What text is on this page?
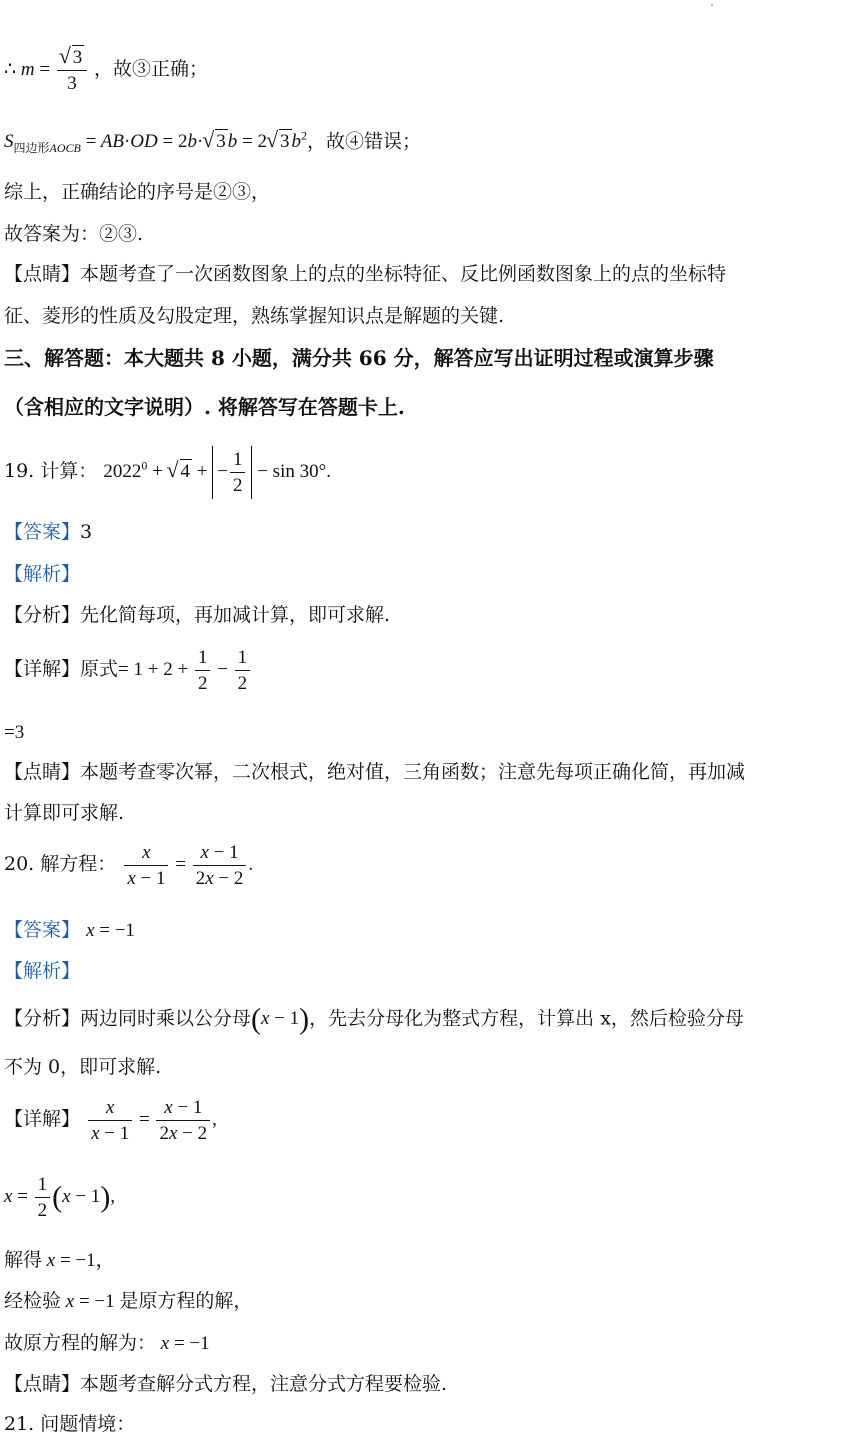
∴ m =
√ $\frac{3}{3}$ ，故③正确；
$S_{四边形AOCB} = AB\cdot OD = 2b\cdot√$ 3 b = 2√ 3 $b^2$，故④错误；
综上，正确结论的序号是②③，
故答案为：②③.
【点睛】本题考查了一次函数图象上的点的坐标特征、反比例函数图象上的点的坐标特
征、菱形的性质及勾股定理，熟练掌握知识点是解题的关键.
三、解答题：本大题共 8 小题，满分共 66 分，解答应写出证明过程或演算步骤
（含相应的文字说明）. 将解答写在答题卡上.
19. 计算： $2022^0$ + √ 4 + − $\frac{1}{2} - \sin 30^\circ$.
【答案】3
【解析】
【分析】先化简每项，再加减计算，即可求解.
【详解】原式= $1 + 2 + \frac{1}{2} - \frac{1}{2}$
=3
【点睛】本题考查零次幂，二次根式，绝对值，三角函数；注意先每项正确化简，再加减
计算即可求解.
20. 解方程： $\frac{x}{x - 1} = \frac{x - 1}{2x - 2}$ .
【答案】 x = −1
【解析】
【分析】两边同时乘以公分母(x − 1)，先去分母化为整式方程，计算出 x，然后检验分母
不为 0，即可求解.
【详解】 $\frac{x}{x - 1} = \frac{x - 1}{2x - 2}$ ,
$x = \frac{1}{2} (x - 1)$,
解得 x = −1，
经检验 x = −1 是原方程的解，
故原方程的解为： x = −1
【点睛】本题考查解分式方程，注意分式方程要检验.
21. 问题情境：
